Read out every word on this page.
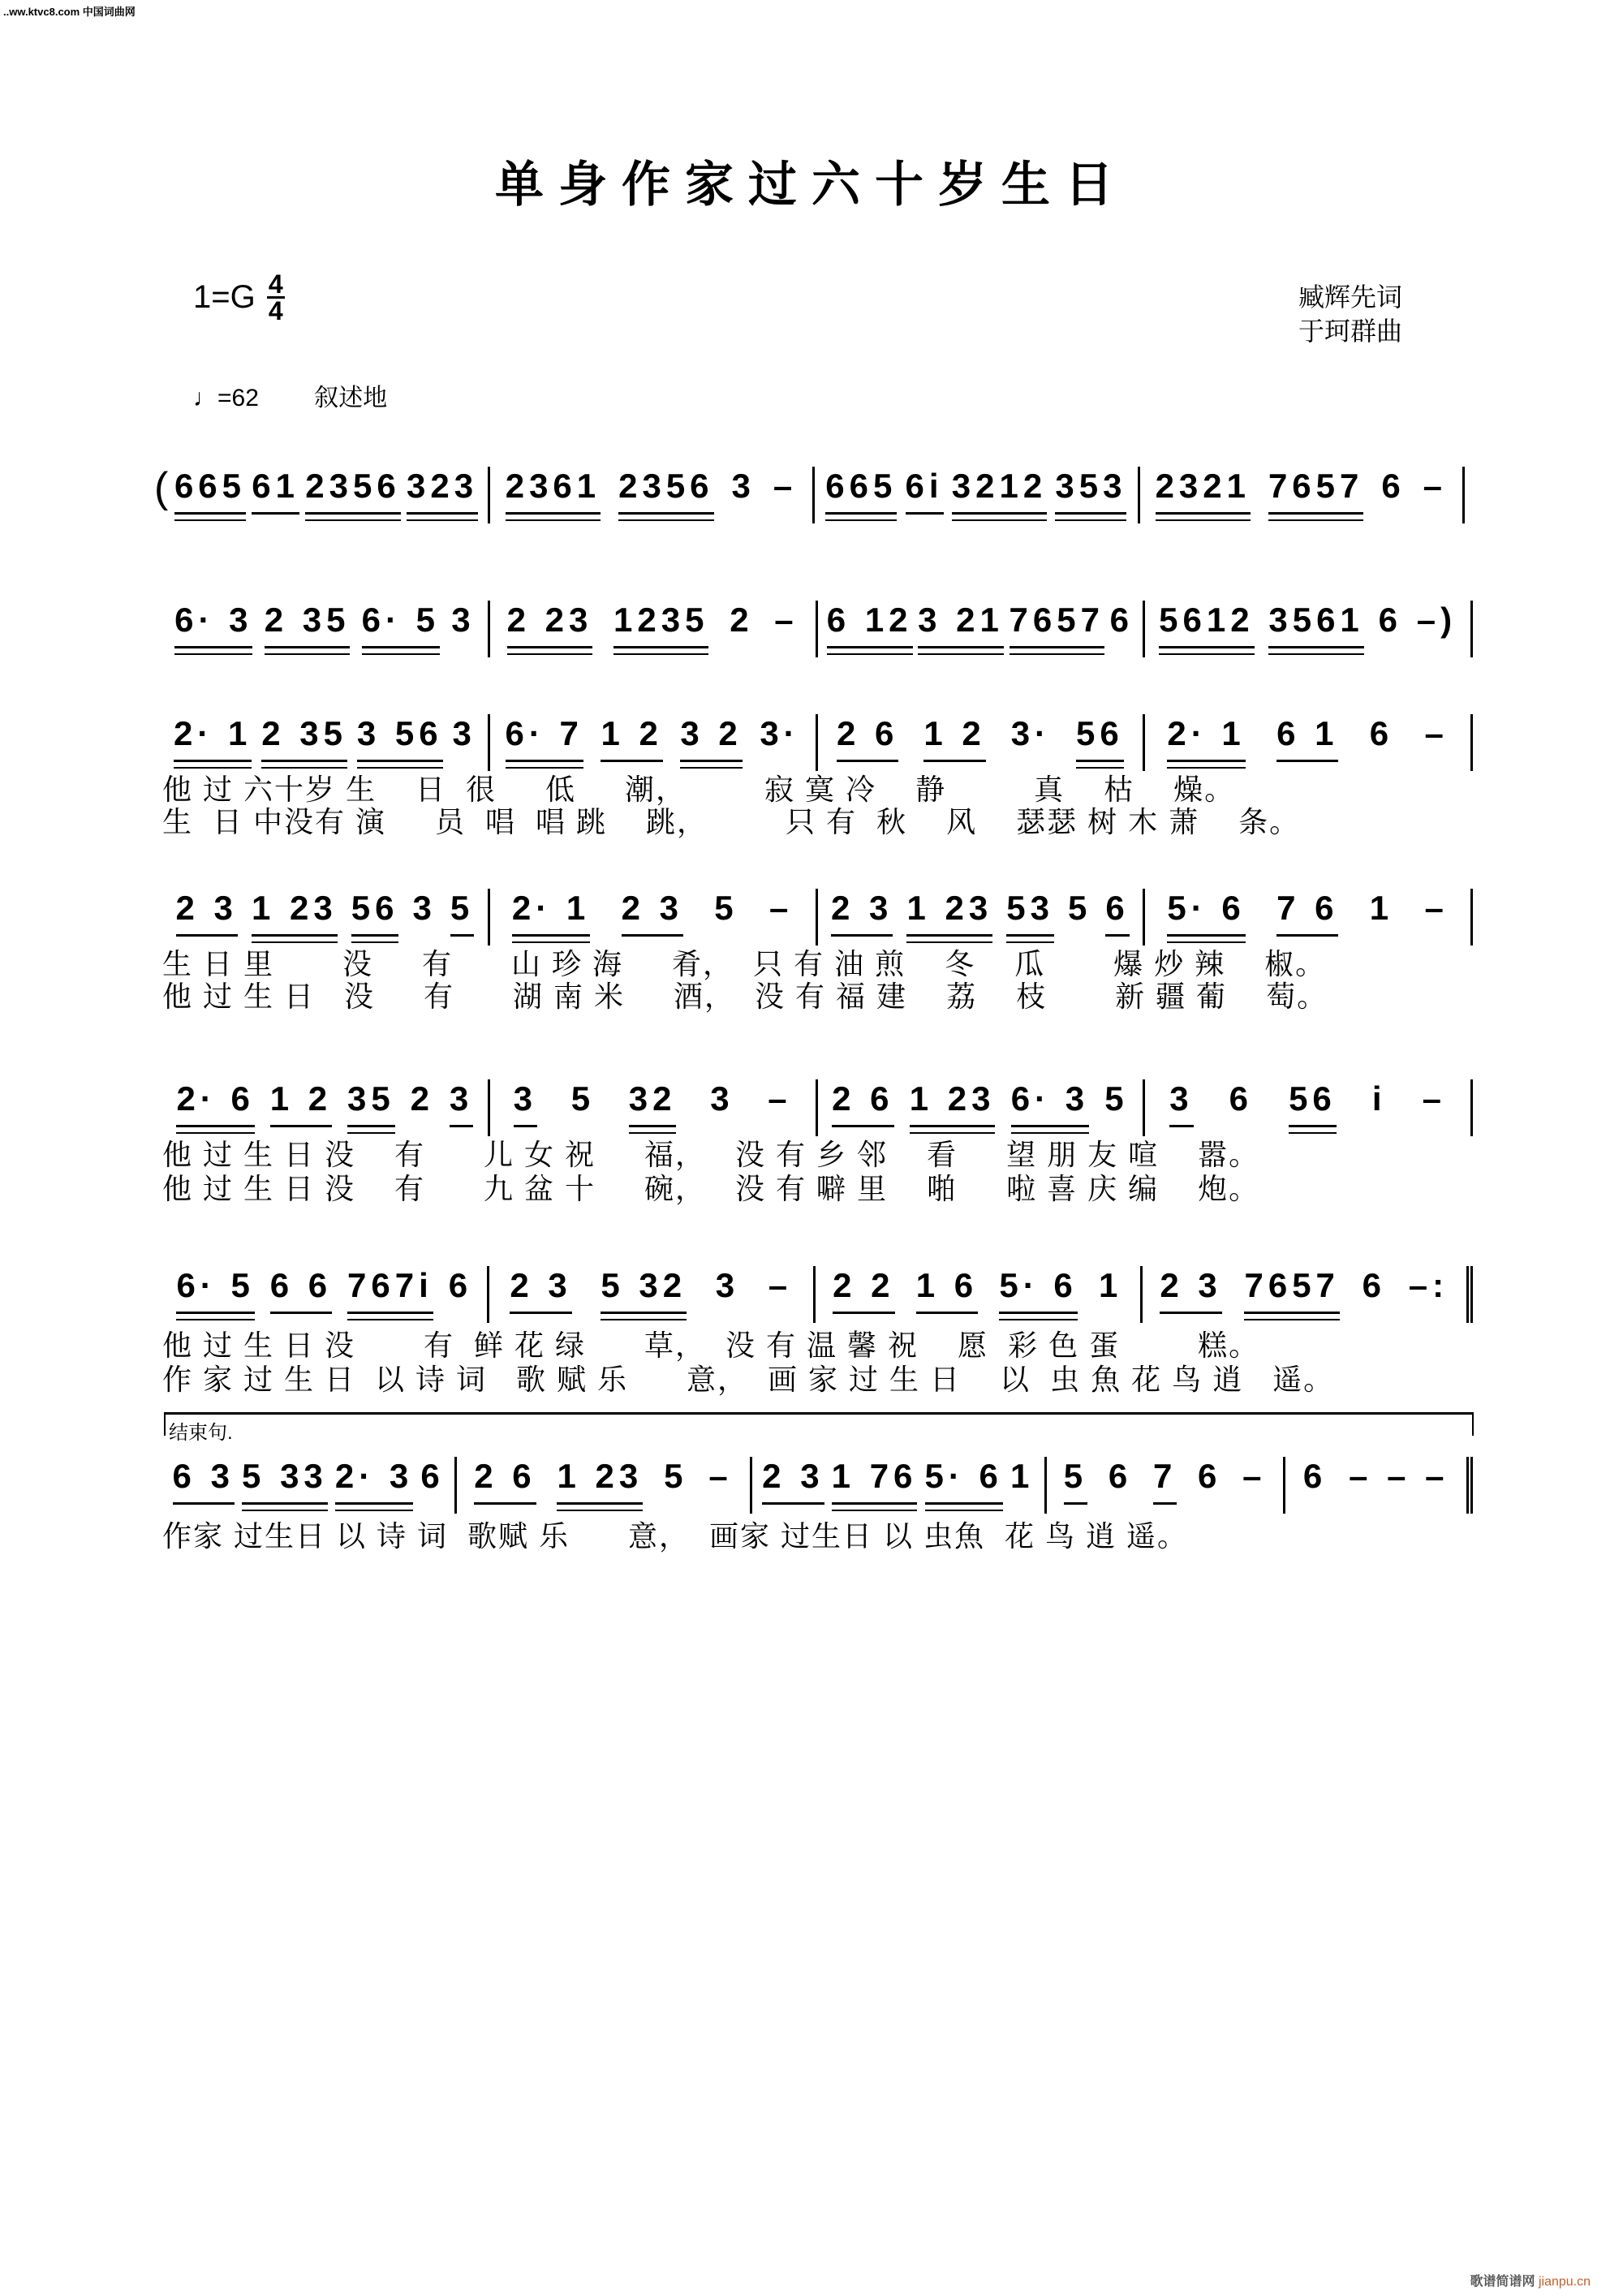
..ww.ktvc8.com 中国词曲网
单身作家过六十岁生日
$1=G \frac{4}{4}$	臧辉先词
于珂群曲
♩=62 叙述地
结束句.
( 665 61 2356 323 2361 2356 3 – 665 6i 3212 353 2321 7657 6 –
6· 3 2 35 6· 5 3 2 23 1235 2 – 6 12 3 21 7657 6 5612 3561 6 –)
2· 1 2 35 3 56 3 6· 7 1 2 3 2 3· 2 6 1 2 3· 56 2· 1 6 1 6 –
他 过 六十岁 生    日  很     低     潮，        寂 寞 冷    静         真    枯    燥。
生  日 中没有 演     员  唱  唱 跳    跳，        只 有  秋    风    瑟瑟 树 木 萧    条。
2 3 1 23 56 3 5 2· 1 2 3 5 – 2 3 1 23 53 5 6 5· 6 7 6 1 –
生 日 里       没     有      山 珍 海     肴，  只 有 油 煎    冬    瓜       爆 炒 辣    椒。
他 过 生 日   没     有      湖 南 米     酒，  没 有 福 建    荔    枝       新 疆 葡    萄。
2· 6 1 2 35 2 3 3 5 32 3 – 2 6 1 23 6· 3 5 3 6 56 i –
他 过 生 日 没    有      儿 女 祝     福，   没 有 乡 邻    看     望 朋 友 喧    嚣。
他 过 生 日 没    有      九 盆 十     碗，   没 有 噼 里    啪     啦 喜 庆 编    炮。
6· 5 6 6 767i 6 2 3 5 32 3 – 2 2 1 6 5· 6 1 2 3 7657 6 –:
他 过 生 日 没       有  鲜 花 绿      草，  没 有 温 馨 祝    愿  彩 色 蛋        糕。
作 家 过 生 日  以 诗 词   歌 赋 乐      意，  画 家 过 生 日    以  虫 魚 花 鸟 逍   遥。
6 3 5 33 2· 3 6 2 6 1 23 5 – 2 3 1 76 5· 6 1 5 6 7 6 – 6 – – –
作家 过生日 以 诗 词  歌赋 乐      意，  画家 过生日 以 虫魚  花 鸟 逍 遥。
歌谱简谱网 jianpu.cn
